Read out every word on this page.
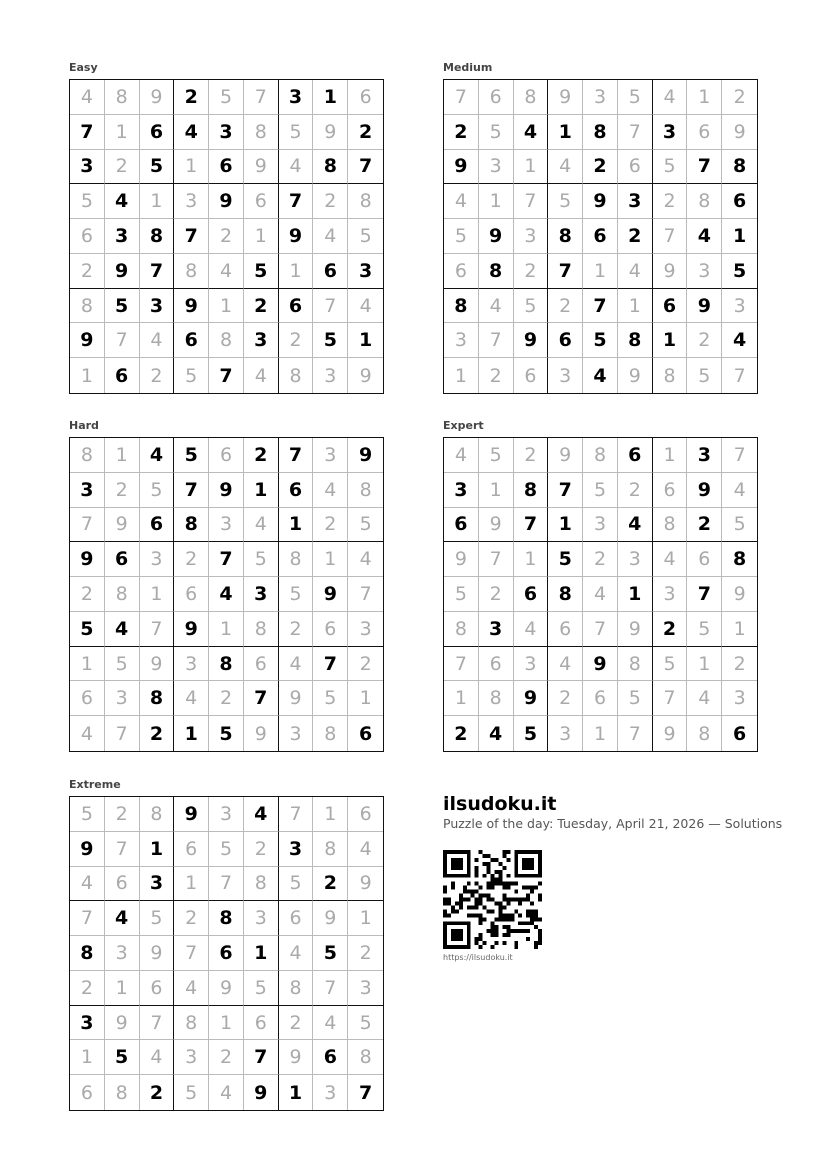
Easy
4	8	9	2	5	7	3	1	6
7	1	6	4	3	8	5	9	2
3	2	5	1	6	9	4	8	7
5	4	1	3	9	6	7	2	8
6	3	8	7	2	1	9	4	5
2	9	7	8	4	5	1	6	3
8	5	3	9	1	2	6	7	4
9	7	4	6	8	3	2	5	1
1	6	2	5	7	4	8	3	9
Medium
7	6	8	9	3	5	4	1	2
2	5	4	1	8	7	3	6	9
9	3	1	4	2	6	5	7	8
4	1	7	5	9	3	2	8	6
5	9	3	8	6	2	7	4	1
6	8	2	7	1	4	9	3	5
8	4	5	2	7	1	6	9	3
3	7	9	6	5	8	1	2	4
1	2	6	3	4	9	8	5	7
Hard
8	1	4	5	6	2	7	3	9
3	2	5	7	9	1	6	4	8
7	9	6	8	3	4	1	2	5
9	6	3	2	7	5	8	1	4
2	8	1	6	4	3	5	9	7
5	4	7	9	1	8	2	6	3
1	5	9	3	8	6	4	7	2
6	3	8	4	2	7	9	5	1
4	7	2	1	5	9	3	8	6
Expert
4	5	2	9	8	6	1	3	7
3	1	8	7	5	2	6	9	4
6	9	7	1	3	4	8	2	5
9	7	1	5	2	3	4	6	8
5	2	6	8	4	1	3	7	9
8	3	4	6	7	9	2	5	1
7	6	3	4	9	8	5	1	2
1	8	9	2	6	5	7	4	3
2	4	5	3	1	7	9	8	6
Extreme
5	2	8	9	3	4	7	1	6
9	7	1	6	5	2	3	8	4
4	6	3	1	7	8	5	2	9
7	4	5	2	8	3	6	9	1
8	3	9	7	6	1	4	5	2
2	1	6	4	9	5	8	7	3
3	9	7	8	1	6	2	4	5
1	5	4	3	2	7	9	6	8
6	8	2	5	4	9	1	3	7
ilsudoku.it
Puzzle of the day: Tuesday, April 21, 2026 — Solutions
https://ilsudoku.it
